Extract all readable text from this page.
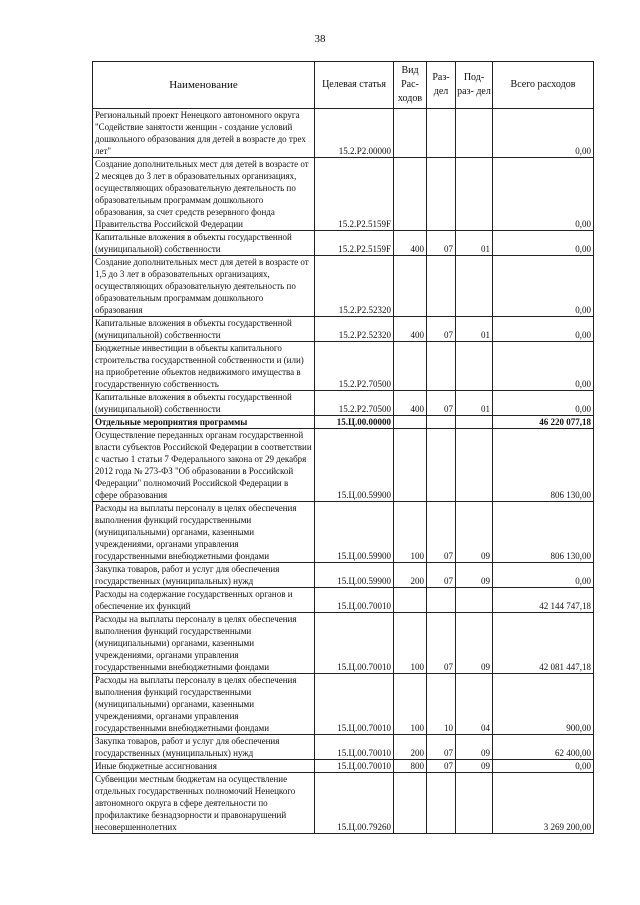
38
Наименование	Целевая статья	Вид Рас- ходов	Раз- дел	Под- раз- дел	Всего расходов
Региональный проект Ненецкого автономного округа "Содействие занятости женщин - создание условий дошкольного образования для детей в возрасте до трех лет"	15.2.P2.00000				0,00
Создание дополнительных мест для детей в возрасте от 2 месяцев до 3 лет в образовательных организациях, осуществляющих образовательную деятельность по образовательным программам дошкольного образования, за счет средств резервного фонда Правительства Российской Федерации	15.2.P2.5159F				0,00
Капитальные вложения в объекты государственной (муниципальной) собственности	15.2.P2.5159F	400	07	01	0,00
Создание дополнительных мест для детей в возрасте от 1,5 до 3 лет в образовательных организациях, осуществляющих образовательную деятельность по образовательным программам дошкольного образования	15.2.P2.52320				0,00
Капитальные вложения в объекты государственной (муниципальной) собственности	15.2.P2.52320	400	07	01	0,00
Бюджетные инвестиции в объекты капитального строительства государственной собственности и (или) на приобретение объектов недвижимого имущества в государственную собственность	15.2.P2.70500				0,00
Капитальные вложения в объекты государственной (муниципальной) собственности	15.2.P2.70500	400	07	01	0,00
Отдельные мероприятия программы	15.Ц.00.00000				46 220 077,18
Осуществление переданных органам государственной власти субъектов Российской Федерации в соответствии с частью 1 статьи 7 Федерального закона от 29 декабря 2012 года № 273-ФЗ "Об образовании в Российской Федерации" полномочий Российской Федерации в сфере образования	15.Ц.00.59900				806 130,00
Расходы на выплаты персоналу в целях обеспечения выполнения функций государственными (муниципальными) органами, казенными учреждениями, органами управления государственными внебюджетными фондами	15.Ц.00.59900	100	07	09	806 130,00
Закупка товаров, работ и услуг для обеспечения государственных (муниципальных) нужд	15.Ц.00.59900	200	07	09	0,00
Расходы на содержание государственных органов и обеспечение их функций	15.Ц.00.70010				42 144 747,18
Расходы на выплаты персоналу в целях обеспечения выполнения функций государственными (муниципальными) органами, казенными учреждениями, органами управления государственными внебюджетными фондами	15.Ц.00.70010	100	07	09	42 081 447,18
Расходы на выплаты персоналу в целях обеспечения выполнения функций государственными (муниципальными) органами, казенными учреждениями, органами управления государственными внебюджетными фондами	15.Ц.00.70010	100	10	04	900,00
Закупка товаров, работ и услуг для обеспечения государственных (муниципальных) нужд	15.Ц.00.70010	200	07	09	62 400,00
Иные бюджетные ассигнования	15.Ц.00.70010	800	07	09	0,00
Субвенции местным бюджетам на осуществление отдельных государственных полномочий Ненецкого автономного округа в сфере деятельности по профилактике безнадзорности и правонарушений несовершеннолетних	15.Ц.00.79260				3 269 200,00
